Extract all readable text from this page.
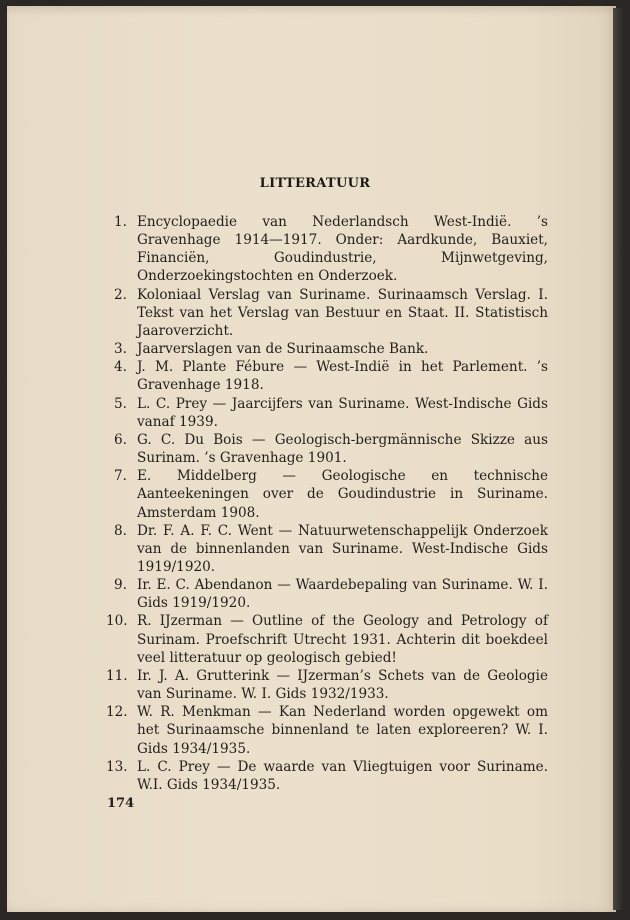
LITTERATUUR
1. Encyclopaedie van Nederlandsch West-Indië. ’s Gravenhage 1914—1917. Onder: Aardkunde, Bauxiet, Financiën, Goudindustrie, Mijnwetgeving, Onderzoekingstochten en Onderzoek.
2. Koloniaal Verslag van Suriname. Surinaamsch Verslag. I. Tekst van het Verslag van Bestuur en Staat. II. Statistisch Jaaroverzicht.
3. Jaarverslagen van de Surinaamsche Bank.
4. J. M. Plante Fébure — West-Indië in het Parlement. ’s Gravenhage 1918.
5. L. C. Prey — Jaarcijfers van Suriname. West-Indische Gids vanaf 1939.
6. G. C. Du Bois — Geologisch-bergmännische Skizze aus Surinam. ’s Gravenhage 1901.
7. E. Middelberg — Geologische en technische Aanteekeningen over de Goudindustrie in Suriname. Amsterdam 1908.
8. Dr. F. A. F. C. Went — Natuurwetenschappelijk Onderzoek van de binnenlanden van Suriname. West-Indische Gids 1919/1920.
9. Ir. E. C. Abendanon — Waardebepaling van Suriname. W. I. Gids 1919/1920.
10. R. IJzerman — Outline of the Geology and Petrology of Surinam. Proefschrift Utrecht 1931. Achterin dit boekdeel veel litteratuur op geologisch gebied!
11. Ir. J. A. Grutterink — IJzerman’s Schets van de Geologie van Suriname. W. I. Gids 1932/1933.
12. W. R. Menkman — Kan Nederland worden opgewekt om het Surinaamsche binnenland te laten exploreeren? W. I. Gids 1934/1935.
13. L. C. Prey — De waarde van Vliegtuigen voor Suriname. W.I. Gids 1934/1935.

174
